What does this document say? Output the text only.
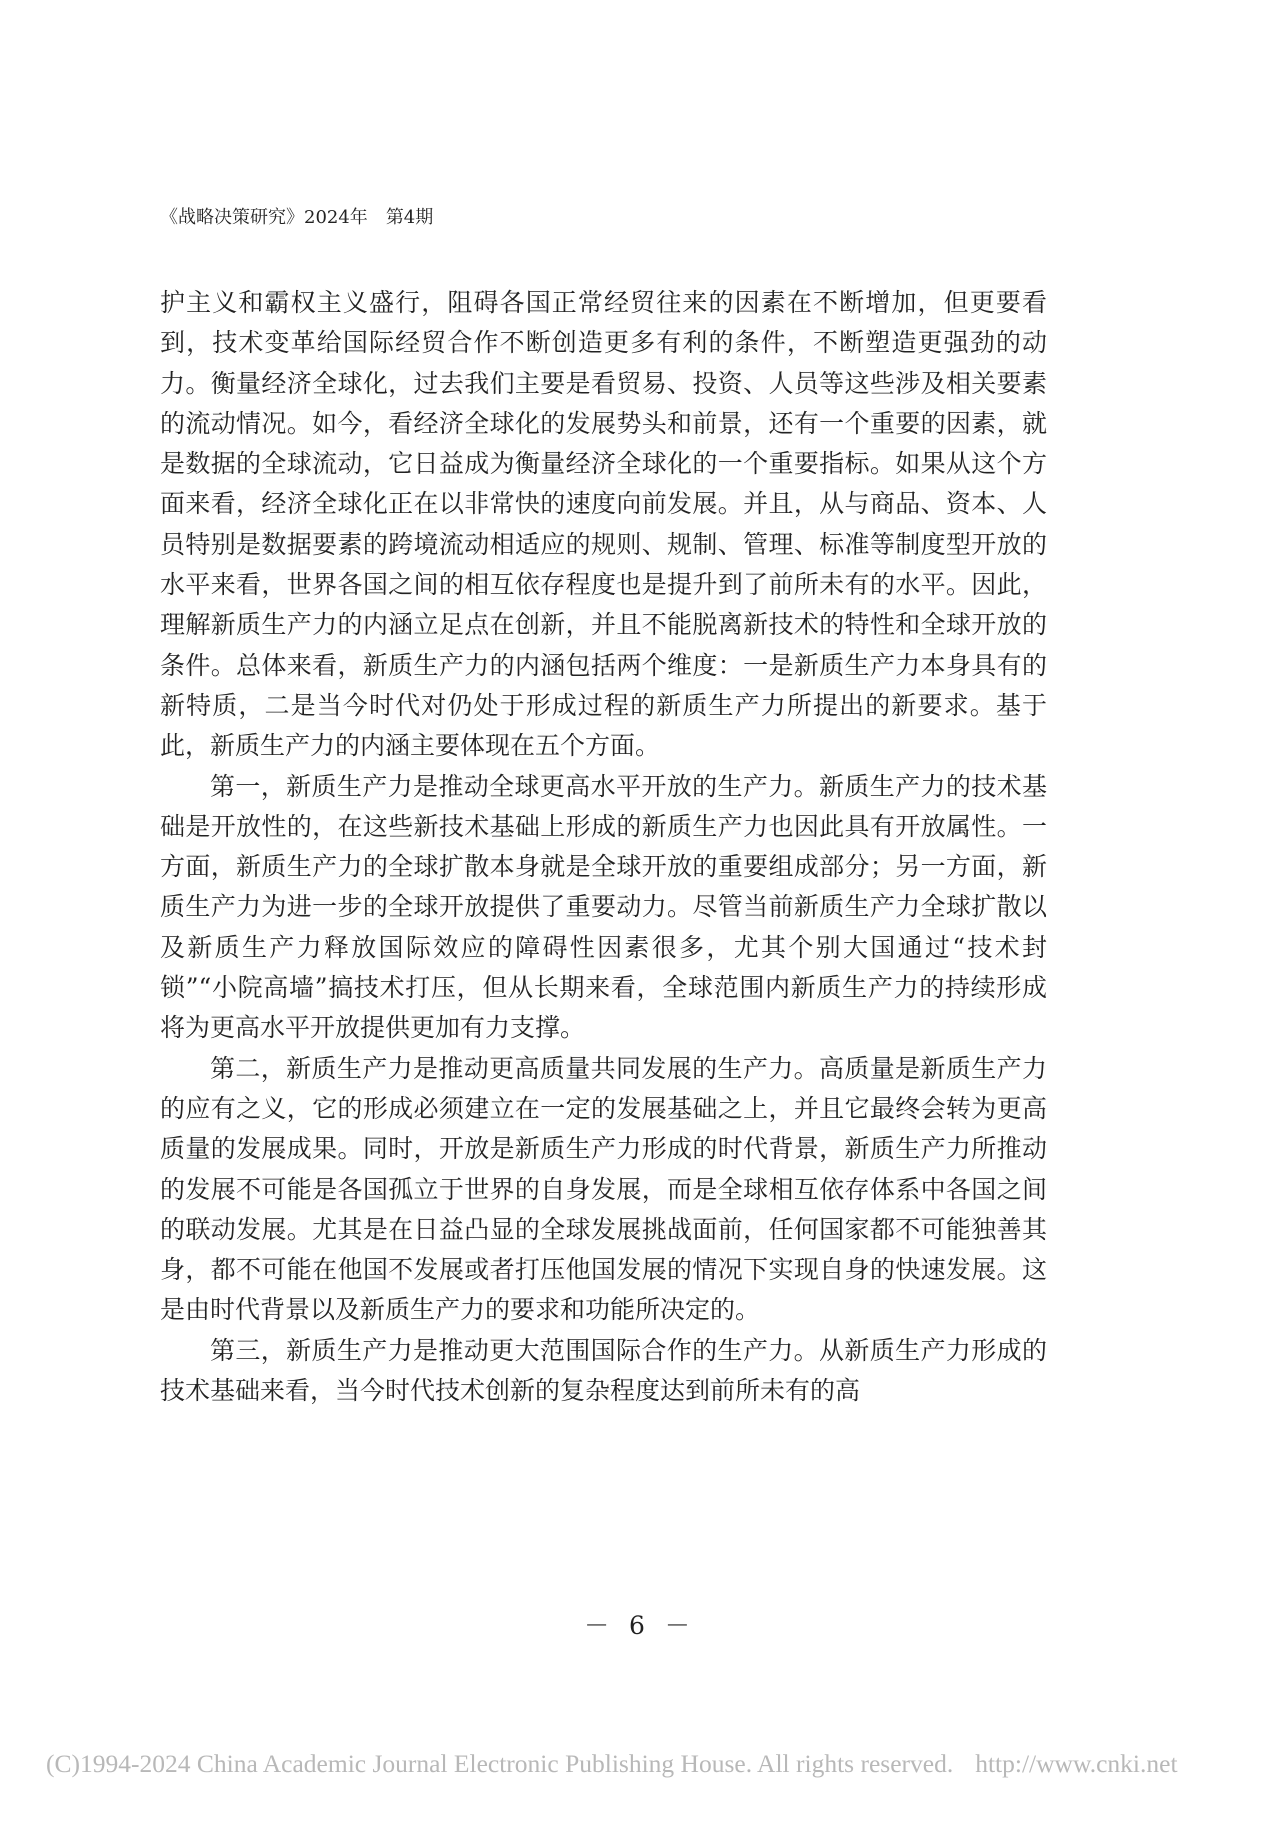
《战略决策研究》2024年 第4期

护主义和霸权主义盛行，阻碍各国正常经贸往来的因素在不断增加，但更要看到，技术变革给国际经贸合作不断创造更多有利的条件，不断塑造更强劲的动力。衡量经济全球化，过去我们主要是看贸易、投资、人员等这些涉及相关要素的流动情况。如今，看经济全球化的发展势头和前景，还有一个重要的因素，就是数据的全球流动，它日益成为衡量经济全球化的一个重要指标。如果从这个方面来看，经济全球化正在以非常快的速度向前发展。并且，从与商品、资本、人员特别是数据要素的跨境流动相适应的规则、规制、管理、标准等制度型开放的水平来看，世界各国之间的相互依存程度也是提升到了前所未有的水平。因此，理解新质生产力的内涵立足点在创新，并且不能脱离新技术的特性和全球开放的条件。总体来看，新质生产力的内涵包括两个维度：一是新质生产力本身具有的新特质，二是当今时代对仍处于形成过程的新质生产力所提出的新要求。基于此，新质生产力的内涵主要体现在五个方面。

第一，新质生产力是推动全球更高水平开放的生产力。新质生产力的技术基础是开放性的，在这些新技术基础上形成的新质生产力也因此具有开放属性。一方面，新质生产力的全球扩散本身就是全球开放的重要组成部分；另一方面，新质生产力为进一步的全球开放提供了重要动力。尽管当前新质生产力全球扩散以及新质生产力释放国际效应的障碍性因素很多，尤其个别大国通过“技术封锁”“小院高墙”搞技术打压，但从长期来看，全球范围内新质生产力的持续形成将为更高水平开放提供更加有力支撑。

第二，新质生产力是推动更高质量共同发展的生产力。高质量是新质生产力的应有之义，它的形成必须建立在一定的发展基础之上，并且它最终会转为更高质量的发展成果。同时，开放是新质生产力形成的时代背景，新质生产力所推动的发展不可能是各国孤立于世界的自身发展，而是全球相互依存体系中各国之间的联动发展。尤其是在日益凸显的全球发展挑战面前，任何国家都不可能独善其身，都不可能在他国不发展或者打压他国发展的情况下实现自身的快速发展。这是由时代背景以及新质生产力的要求和功能所决定的。

第三，新质生产力是推动更大范围国际合作的生产力。从新质生产力形成的技术基础来看，当今时代技术创新的复杂程度达到前所未有的高

－ 6 －
(C)1994-2024 China Academic Journal Electronic Publishing House. All rights reserved. http://www.cnki.net
